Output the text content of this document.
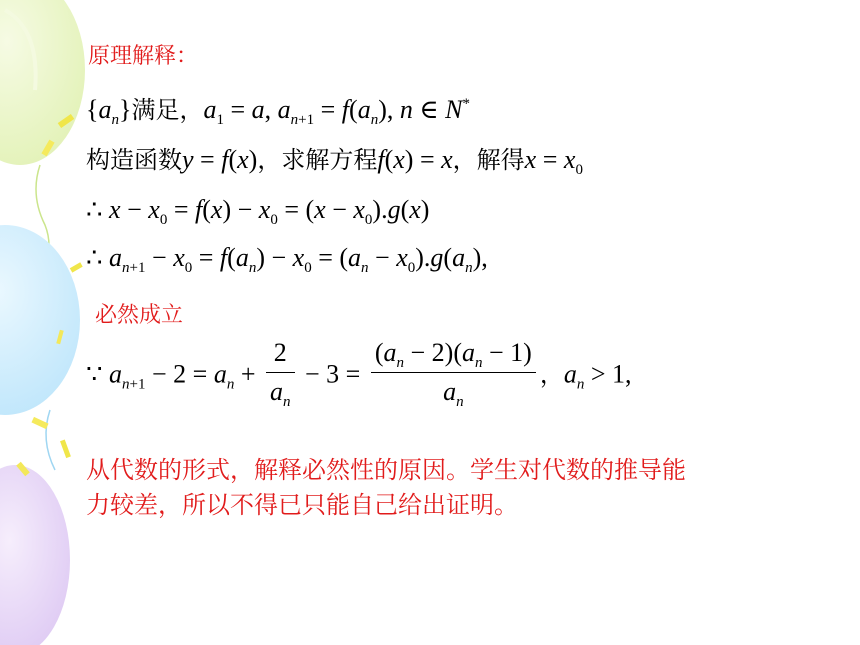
原理解释：
$\{a_n\}$满足，$a_1 = a$, $a_{n+1} = f(a_n)$, n ∈ N*
构造函数y = f(x)，求解方程f(x) = x，解得$x = x_0$
∴ $x - x_0 = f(x) - x_0 = (x - x_0).g(x)$
∴ $a_{n+1} - x_0 = f(a_n) - x_0 = (a_n - x_0).g(a_n)$,
必然成立
∵ $a_{n+1} - 2 = a_n + \frac{2}{a_n} - 3 = \frac{(a_n - 2)(a_n - 1)}{a_n}$ ，$a_n > 1$,
从代数的形式，解释必然性的原因。学生对代数的推导能力较差，所以不得已只能自己给出证明。
